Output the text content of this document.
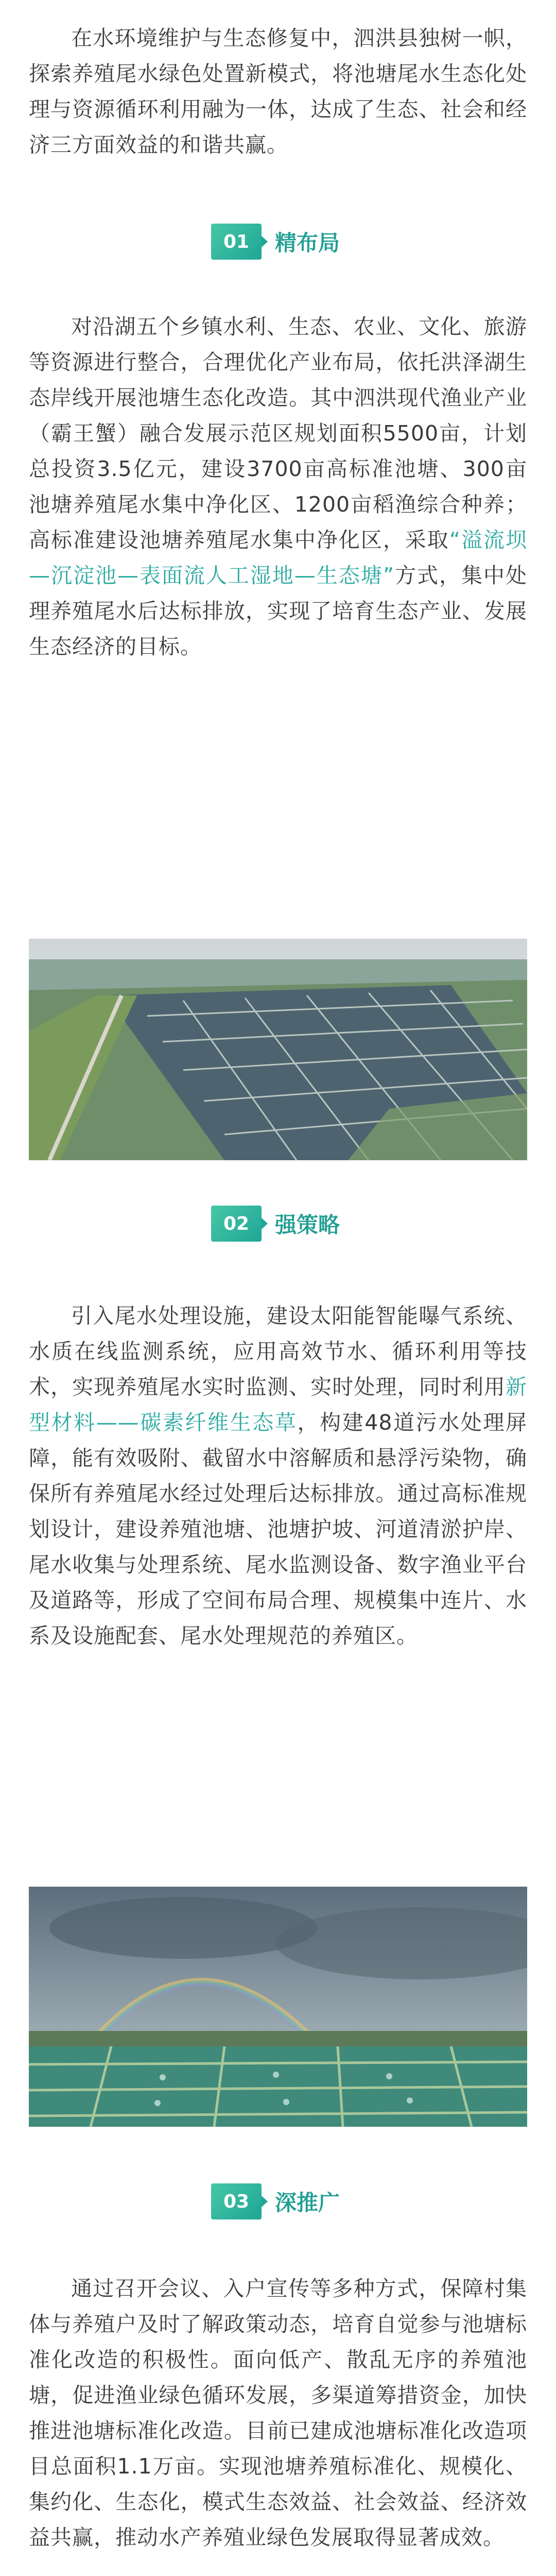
在水环境维护与生态修复中，泗洪县独树一帜，探索养殖尾水绿色处置新模式，将池塘尾水生态化处理与资源循环利用融为一体，达成了生态、社会和经济三方面效益的和谐共赢。

01	精布局

对沿湖五个乡镇水利、生态、农业、文化、旅游等资源进行整合，合理优化产业布局，依托洪泽湖生态岸线开展池塘生态化改造。其中泗洪现代渔业产业（霸王蟹）融合发展示范区规划面积5500亩，计划总投资3.5亿元，建设3700亩高标准池塘、300亩池塘养殖尾水集中净化区、1200亩稻渔综合种养；高标准建设池塘养殖尾水集中净化区，采取“溢流坝—沉淀池—表面流人工湿地—生态塘”方式，集中处理养殖尾水后达标排放，实现了培育生态产业、发展生态经济的目标。

02	强策略

引入尾水处理设施，建设太阳能智能曝气系统、水质在线监测系统，应用高效节水、循环利用等技术，实现养殖尾水实时监测、实时处理，同时利用新型材料——碳素纤维生态草，构建48道污水处理屏障，能有效吸附、截留水中溶解质和悬浮污染物，确保所有养殖尾水经过处理后达标排放。通过高标准规划设计，建设养殖池塘、池塘护坡、河道清淤护岸、尾水收集与处理系统、尾水监测设备、数字渔业平台及道路等，形成了空间布局合理、规模集中连片、水系及设施配套、尾水处理规范的养殖区。

03	深推广

通过召开会议、入户宣传等多种方式，保障村集体与养殖户及时了解政策动态，培育自觉参与池塘标准化改造的积极性。面向低产、散乱无序的养殖池塘，促进渔业绿色循环发展，多渠道筹措资金，加快推进池塘标准化改造。目前已建成池塘标准化改造项目总面积1.1万亩。实现池塘养殖标准化、规模化、集约化、生态化，模式生态效益、社会效益、经济效益共赢，推动水产养殖业绿色发展取得显著成效。
